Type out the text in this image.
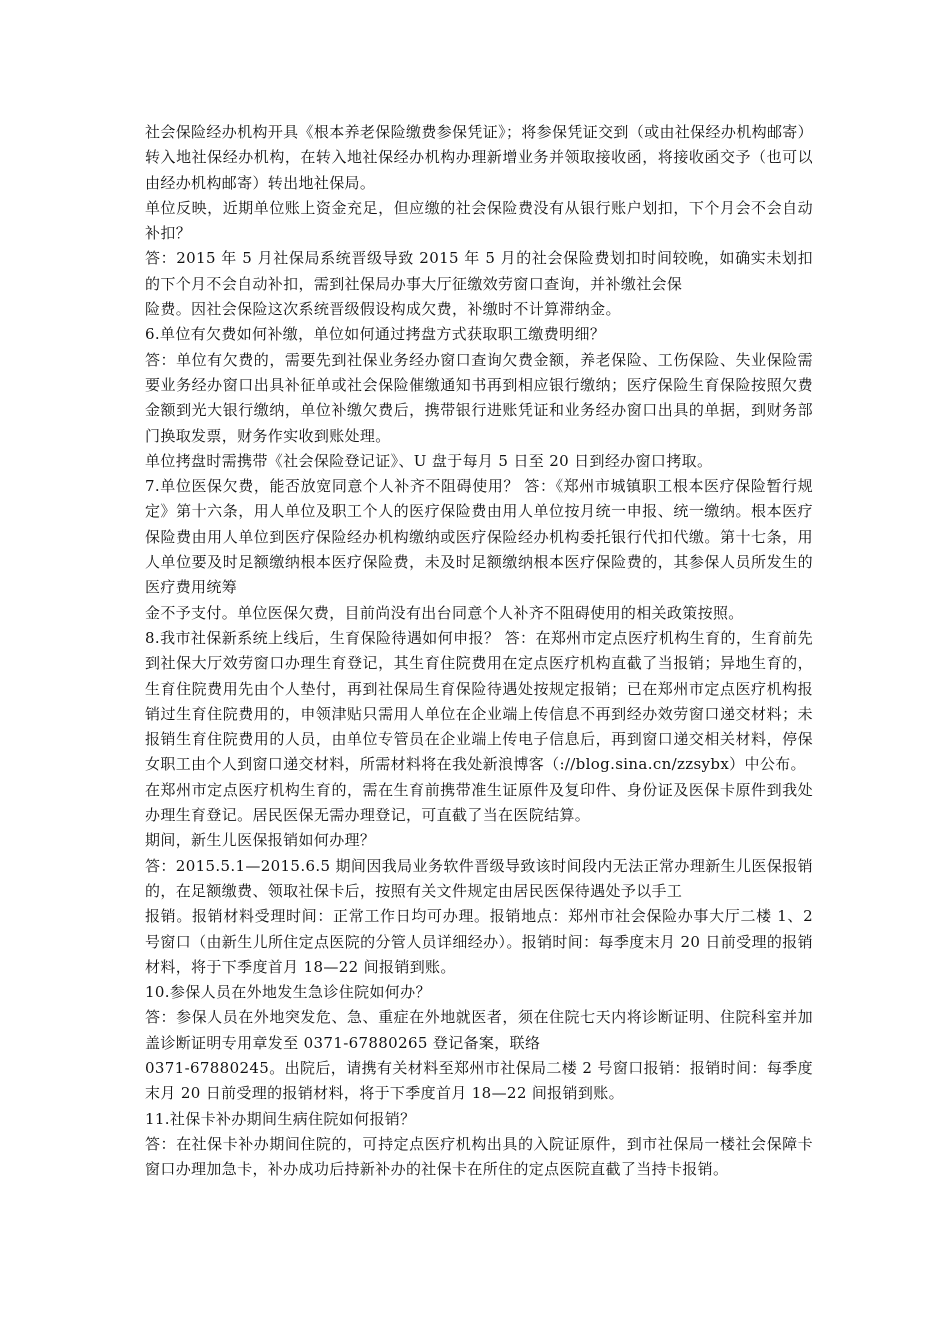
社会保险经办机构开具《根本养老保险缴费参保凭证》；将参保凭证交到（或由社保经办机构邮寄）转入地社保经办机构，在转入地社保经办机构办理新增业务并领取接收函，将接收函交予（也可以由经办机构邮寄）转出地社保局。

单位反映，近期单位账上资金充足，但应缴的社会保险费没有从银行账户划扣，下个月会不会自动补扣？

答：2015 年 5 月社保局系统晋级导致 2015 年 5 月的社会保险费划扣时间较晚，如确实未划扣的下个月不会自动补扣，需到社保局办事大厅征缴效劳窗口查询，并补缴社会保

险费。因社会保险这次系统晋级假设构成欠费，补缴时不计算滞纳金。

6.单位有欠费如何补缴，单位如何通过拷盘方式获取职工缴费明细？

答：单位有欠费的，需要先到社保业务经办窗口查询欠费金额，养老保险、工伤保险、失业保险需要业务经办窗口出具补征单或社会保险催缴通知书再到相应银行缴纳；医疗保险生育保险按照欠费金额到光大银行缴纳，单位补缴欠费后，携带银行进账凭证和业务经办窗口出具的单据，到财务部门换取发票，财务作实收到账处理。

单位拷盘时需携带《社会保险登记证》、U 盘于每月 5 日至 20 日到经办窗口拷取。

7.单位医保欠费，能否放宽同意个人补齐不阻碍使用？ 答：《郑州市城镇职工根本医疗保险暂行规定》第十六条，用人单位及职工个人的医疗保险费由用人单位按月统一申报、统一缴纳。根本医疗保险费由用人单位到医疗保险经办机构缴纳或医疗保险经办机构委托银行代扣代缴。第十七条，用人单位要及时足额缴纳根本医疗保险费，未及时足额缴纳根本医疗保险费的，其参保人员所发生的医疗费用统筹

金不予支付。单位医保欠费，目前尚没有出台同意个人补齐不阻碍使用的相关政策按照。

8.我市社保新系统上线后，生育保险待遇如何申报？ 答：在郑州市定点医疗机构生育的，生育前先到社保大厅效劳窗口办理生育登记，其生育住院费用在定点医疗机构直截了当报销；异地生育的，生育住院费用先由个人垫付，再到社保局生育保险待遇处按规定报销；已在郑州市定点医疗机构报销过生育住院费用的，申领津贴只需用人单位在企业端上传信息不再到经办效劳窗口递交材料；未报销生育住院费用的人员，由单位专管员在企业端上传电子信息后，再到窗口递交相关材料，停保女职工由个人到窗口递交材料，所需材料将在我处新浪博客（://blog.sina.cn/zzsybx）中公布。

在郑州市定点医疗机构生育的，需在生育前携带准生证原件及复印件、身份证及医保卡原件到我处办理生育登记。居民医保无需办理登记，可直截了当在医院结算。

期间，新生儿医保报销如何办理？

答：2015.5.1—2015.6.5 期间因我局业务软件晋级导致该时间段内无法正常办理新生儿医保报销的，在足额缴费、领取社保卡后，按照有关文件规定由居民医保待遇处予以手工

报销。报销材料受理时间：正常工作日均可办理。报销地点：郑州市社会保险办事大厅二楼 1、2 号窗口（由新生儿所住定点医院的分管人员详细经办）。报销时间：每季度末月 20 日前受理的报销材料，将于下季度首月 18—22 间报销到账。

10.参保人员在外地发生急诊住院如何办？

答：参保人员在外地突发危、急、重症在外地就医者，须在住院七天内将诊断证明、住院科室并加盖诊断证明专用章发至 0371-67880265 登记备案，联络

0371-67880245。出院后，请携有关材料至郑州市社保局二楼 2 号窗口报销：报销时间：每季度末月 20 日前受理的报销材料，将于下季度首月 18—22 间报销到账。

11.社保卡补办期间生病住院如何报销？

答：在社保卡补办期间住院的，可持定点医疗机构出具的入院证原件，到市社保局一楼社会保障卡窗口办理加急卡，补办成功后持新补办的社保卡在所住的定点医院直截了当持卡报销。
